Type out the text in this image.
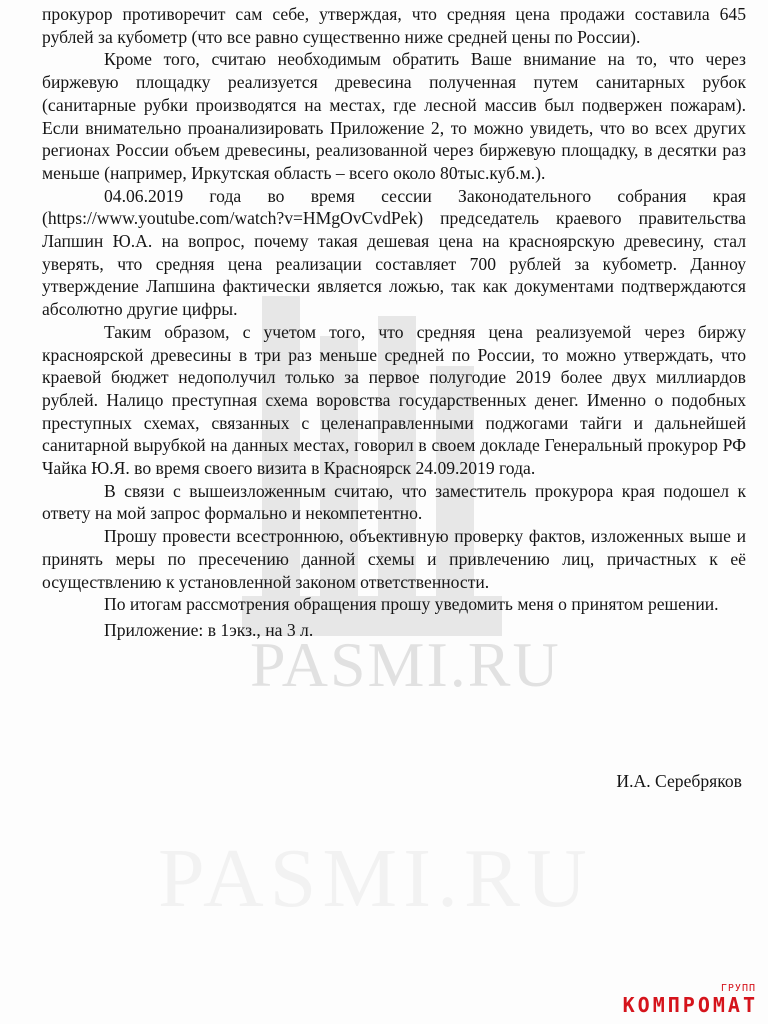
PASMI.RU
PASMI.RU

прокурор противоречит сам себе, утверждая, что средняя цена продажи составила 645 рублей за кубометр (что все равно существенно ниже средней цены по России).

Кроме того, считаю необходимым обратить Ваше внимание на то, что через биржевую площадку реализуется древесина полученная путем санитарных рубок (санитарные рубки производятся на местах, где лесной массив был подвержен пожарам). Если внимательно проанализировать Приложение 2, то можно увидеть, что во всех других регионах России объем древесины, реализованной через биржевую площадку, в десятки раз меньше (например, Иркутская область – всего около 80тыс.куб.м.).

04.06.2019 года во время сессии Законодательного собрания края (https://www.youtube.com/watch?v=HMgOvCvdPek) председатель краевого правительства Лапшин Ю.А. на вопрос, почему такая дешевая цена на красноярскую древесину, стал уверять, что средняя цена реализации составляет 700 рублей за кубометр. Данноу утверждение Лапшина фактически является ложью, так как документами подтверждаются абсолютно другие цифры.

Таким образом, с учетом того, что средняя цена реализуемой через биржу красноярской древесины в три раз меньше средней по России, то можно утверждать, что краевой бюджет недополучил только за первое полугодие 2019 более двух миллиардов рублей. Налицо преступная схема воровства государственных денег. Именно о подобных преступных схемах, связанных с целенаправленными поджогами тайги и дальнейшей санитарной вырубкой на данных местах, говорил в своем докладе Генеральный прокурор РФ Чайка Ю.Я. во время своего визита в Красноярск 24.09.2019 года.

В связи с вышеизложенным считаю, что заместитель прокурора края подошел к ответу на мой запрос формально и некомпетентно.

Прошу провести всестроннюю, объективную проверку фактов, изложенных выше и принять меры по пресечению данной схемы и привлечению лиц, причастных к её осуществлению к установленной законом ответственности.

По итогам рассмотрения обращения прошу уведомить меня о принятом решении.

Приложение: в 1экз., на 3 л.

И.А. Серебряков
ГРУПП
КОМПРОМАТ
